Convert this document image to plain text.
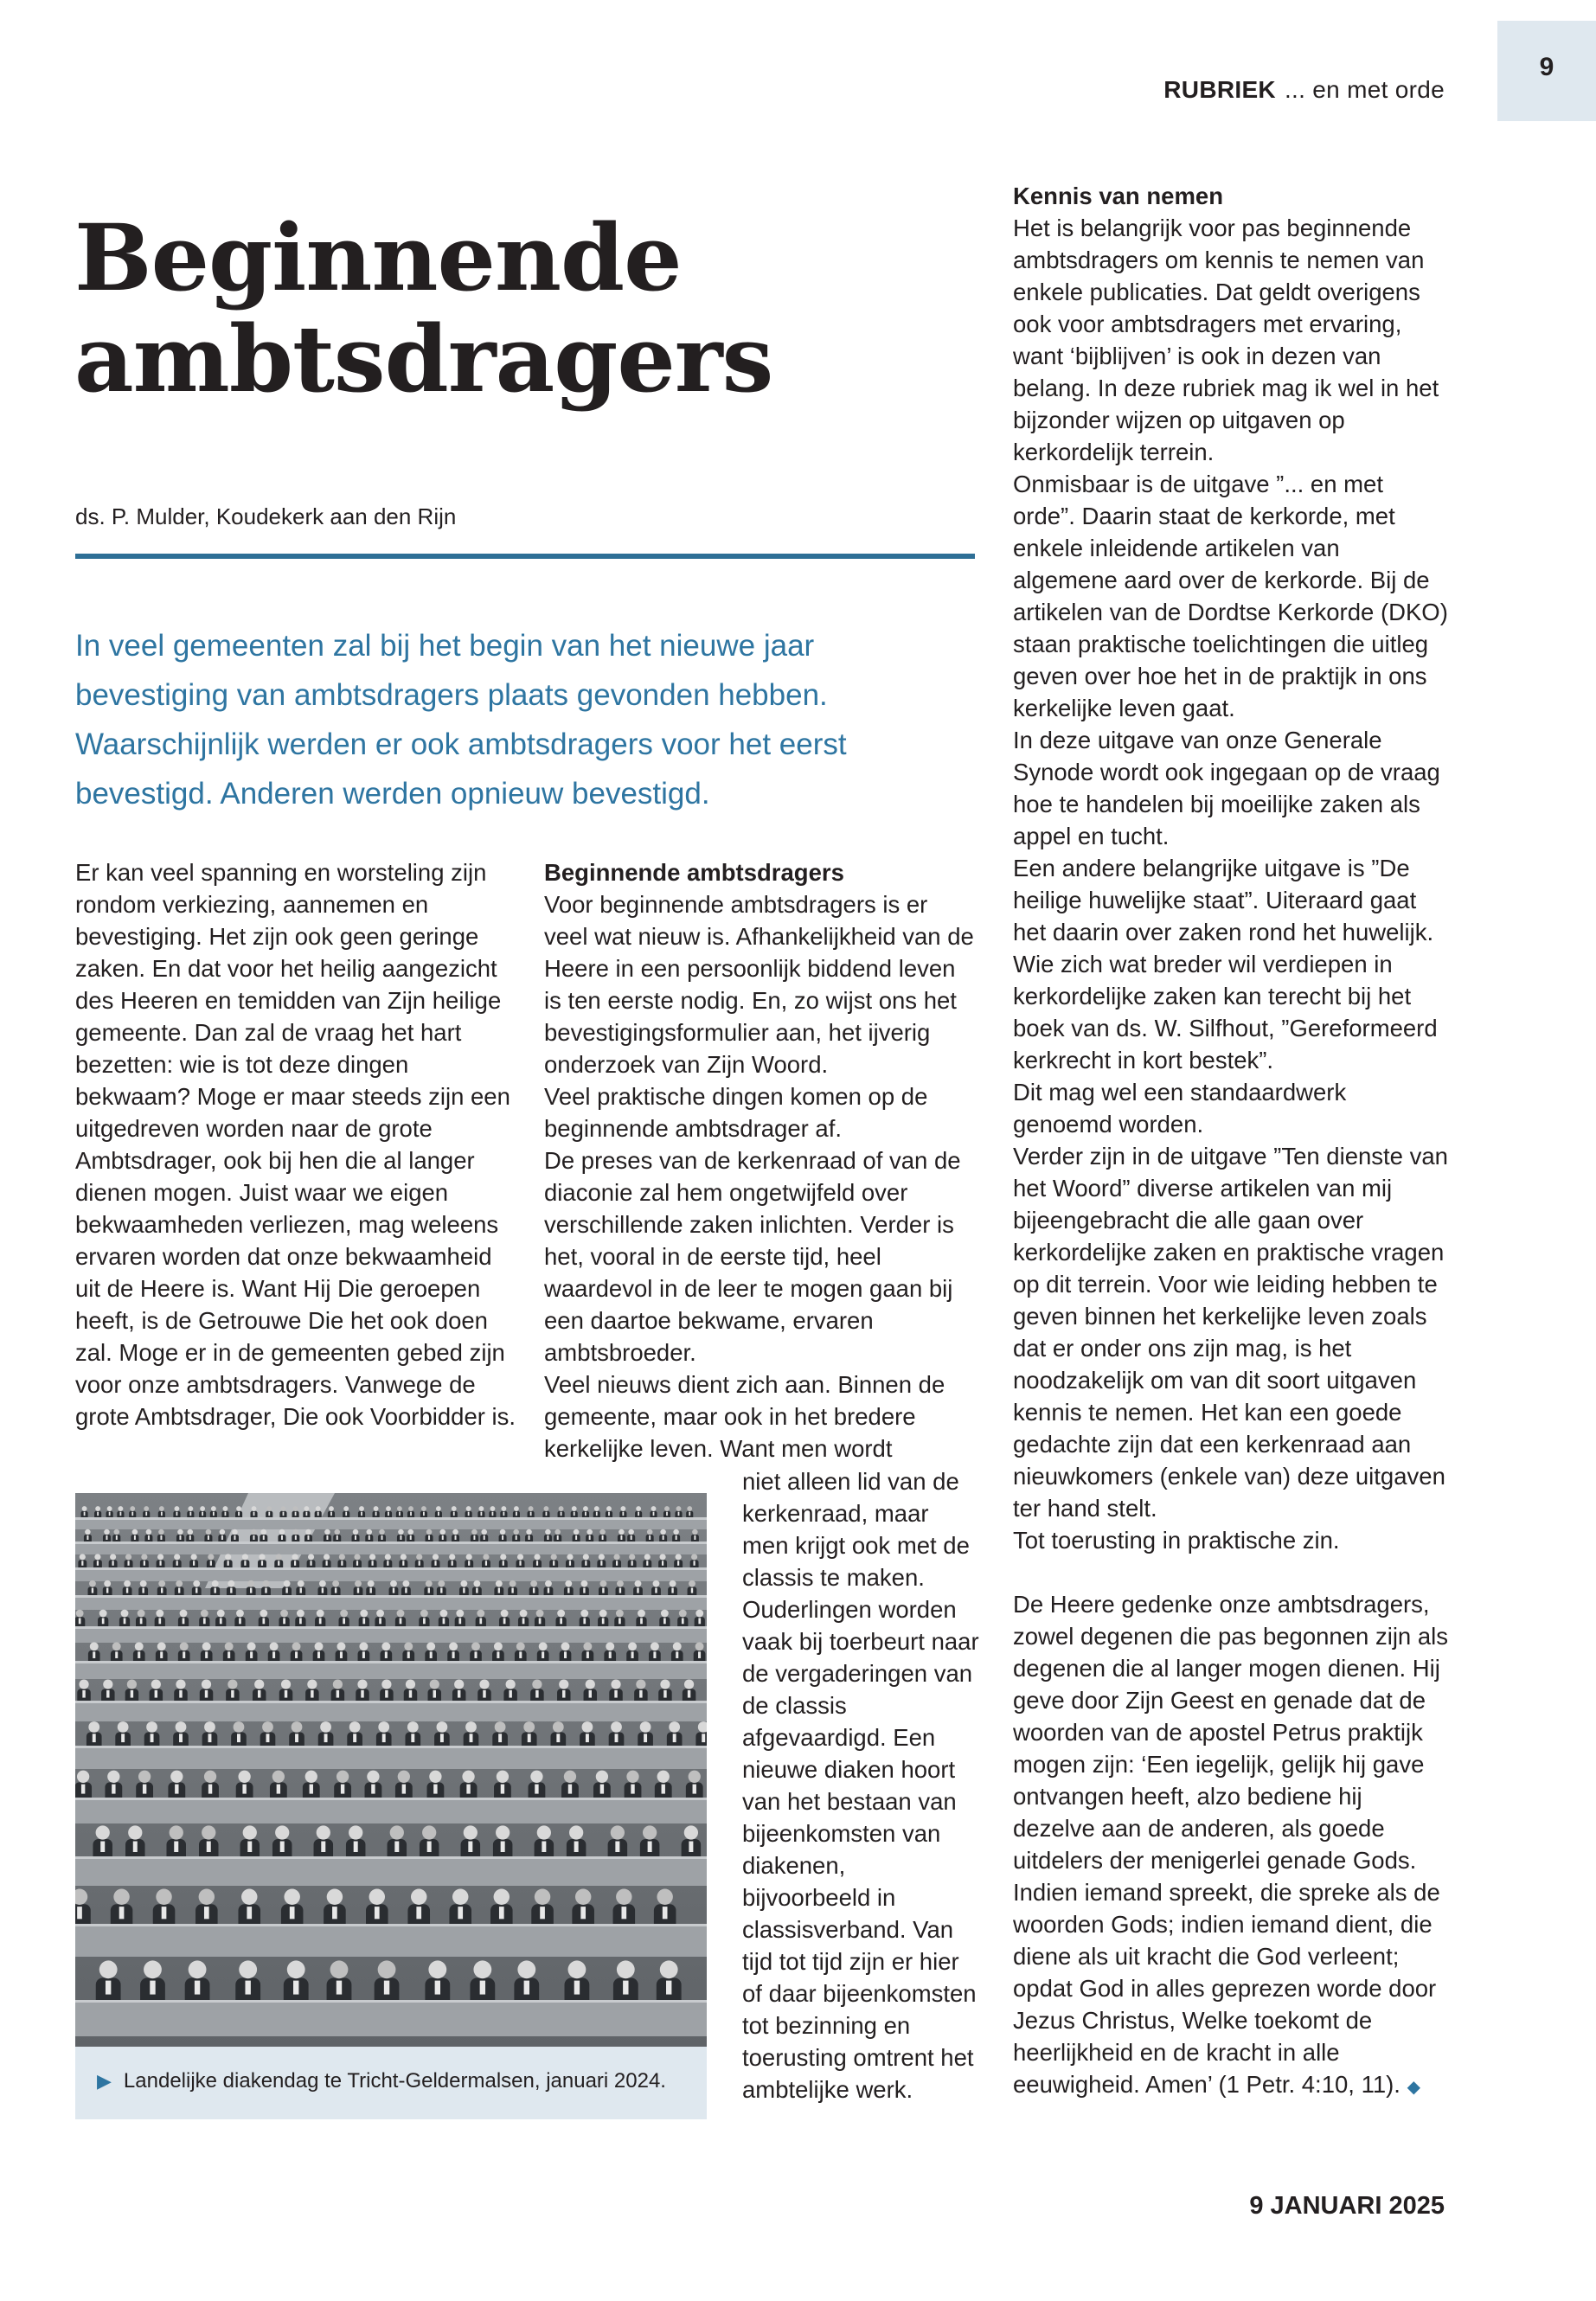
RUBRIEK ... en met orde
9
Beginnende
ambtsdragers
ds. P. Mulder, Koudekerk aan den Rijn

In veel gemeenten zal bij het begin van het nieuwe jaar bevestiging van ambtsdragers plaats gevonden hebben. Waarschijnlijk werden er ook ambtsdragers voor het eerst bevestigd. Anderen werden opnieuw bevestigd.

Er kan veel spanning en worsteling zijn rondom verkiezing, aannemen en bevestiging. Het zijn ook geen geringe zaken. En dat voor het heilig aangezicht des Heeren en temidden van Zijn heilige gemeente. Dan zal de vraag het hart bezetten: wie is tot deze dingen bekwaam? Moge er maar steeds zijn een uitgedreven worden naar de grote Ambtsdrager, ook bij hen die al langer dienen mogen. Juist waar we eigen bekwaamheden verliezen, mag weleens ervaren worden dat onze bekwaamheid uit de Heere is. Want Hij Die geroepen heeft, is de Getrouwe Die het ook doen zal. Moge er in de gemeenten gebed zijn voor onze ambtsdragers. Vanwege de grote Ambtsdrager, Die ook Voorbidder is.

Beginnende ambtsdragers

Voor beginnende ambtsdragers is er veel wat nieuw is. Afhankelijkheid van de Heere in een persoonlijk biddend leven is ten eerste nodig. En, zo wijst ons het bevestigingsformulier aan, het ijverig onderzoek van Zijn Woord.

Veel praktische dingen komen op de beginnende ambtsdrager af.

De preses van de kerkenraad of van de diaconie zal hem ongetwijfeld over verschillende zaken inlichten. Verder is het, vooral in de eerste tijd, heel waardevol in de leer te mogen gaan bij een daartoe bekwame, ervaren ambtsbroeder.

Veel nieuws dient zich aan. Binnen de gemeente, maar ook in het bredere kerkelijke leven. Want men wordt

niet alleen lid van de kerkenraad, maar men krijgt ook met de classis te maken. Ouderlingen worden vaak bij toerbeurt naar de vergaderingen van de classis afgevaardigd. Een nieuwe diaken hoort van het bestaan van bijeenkomsten van diakenen, bijvoorbeeld in classisverband. Van tijd tot tijd zijn er hier of daar bijeenkomsten tot bezinning en toerusting omtrent het ambtelijke werk.

▶ Landelijke diakendag te Tricht-Geldermalsen, januari 2024.
Kennis van nemen

Het is belangrijk voor pas beginnende ambtsdragers om kennis te nemen van enkele publicaties. Dat geldt overigens ook voor ambtsdragers met ervaring, want ‘bijblijven’ is ook in dezen van belang. In deze rubriek mag ik wel in het bijzonder wijzen op uitgaven op kerkordelijk terrein.

Onmisbaar is de uitgave ”... en met orde”. Daarin staat de kerkorde, met enkele inleidende artikelen van algemene aard over de kerkorde. Bij de artikelen van de Dordtse Kerkorde (DKO) staan praktische toelichtingen die uitleg geven over hoe het in de praktijk in ons kerkelijke leven gaat.

In deze uitgave van onze Generale Synode wordt ook ingegaan op de vraag hoe te handelen bij moeilijke zaken als appel en tucht.

Een andere belangrijke uitgave is ”De heilige huwelijke staat”. Uiteraard gaat het daarin over zaken rond het huwelijk. Wie zich wat breder wil verdiepen in kerkordelijke zaken kan terecht bij het boek van ds. W. Silfhout, ”Gereformeerd kerkrecht in kort bestek”.

Dit mag wel een standaardwerk genoemd worden.

Verder zijn in de uitgave ”Ten dienste van het Woord” diverse artikelen van mij bijeengebracht die alle gaan over kerkordelijke zaken en praktische vragen op dit terrein. Voor wie leiding hebben te geven binnen het kerkelijke leven zoals dat er onder ons zijn mag, is het noodzakelijk om van dit soort uitgaven kennis te nemen. Het kan een goede gedachte zijn dat een kerkenraad aan nieuwkomers (enkele van) deze uitgaven ter hand stelt.

Tot toerusting in praktische zin.

De Heere gedenke onze ambtsdragers, zowel degenen die pas begonnen zijn als degenen die al langer mogen dienen. Hij geve door Zijn Geest en genade dat de woorden van de apostel Petrus praktijk mogen zijn: ‘Een iegelijk, gelijk hij gave ontvangen heeft, alzo bediene hij dezelve aan de anderen, als goede uitdelers der menigerlei genade Gods. Indien iemand spreekt, die spreke als de woorden Gods; indien iemand dient, die diene als uit kracht die God verleent; opdat God in alles geprezen worde door Jezus Christus, Welke toekomt de heerlijkheid en de kracht in alle eeuwigheid. Amen’ (1 Petr. 4:10, 11). ◆

9 JANUARI 2025
